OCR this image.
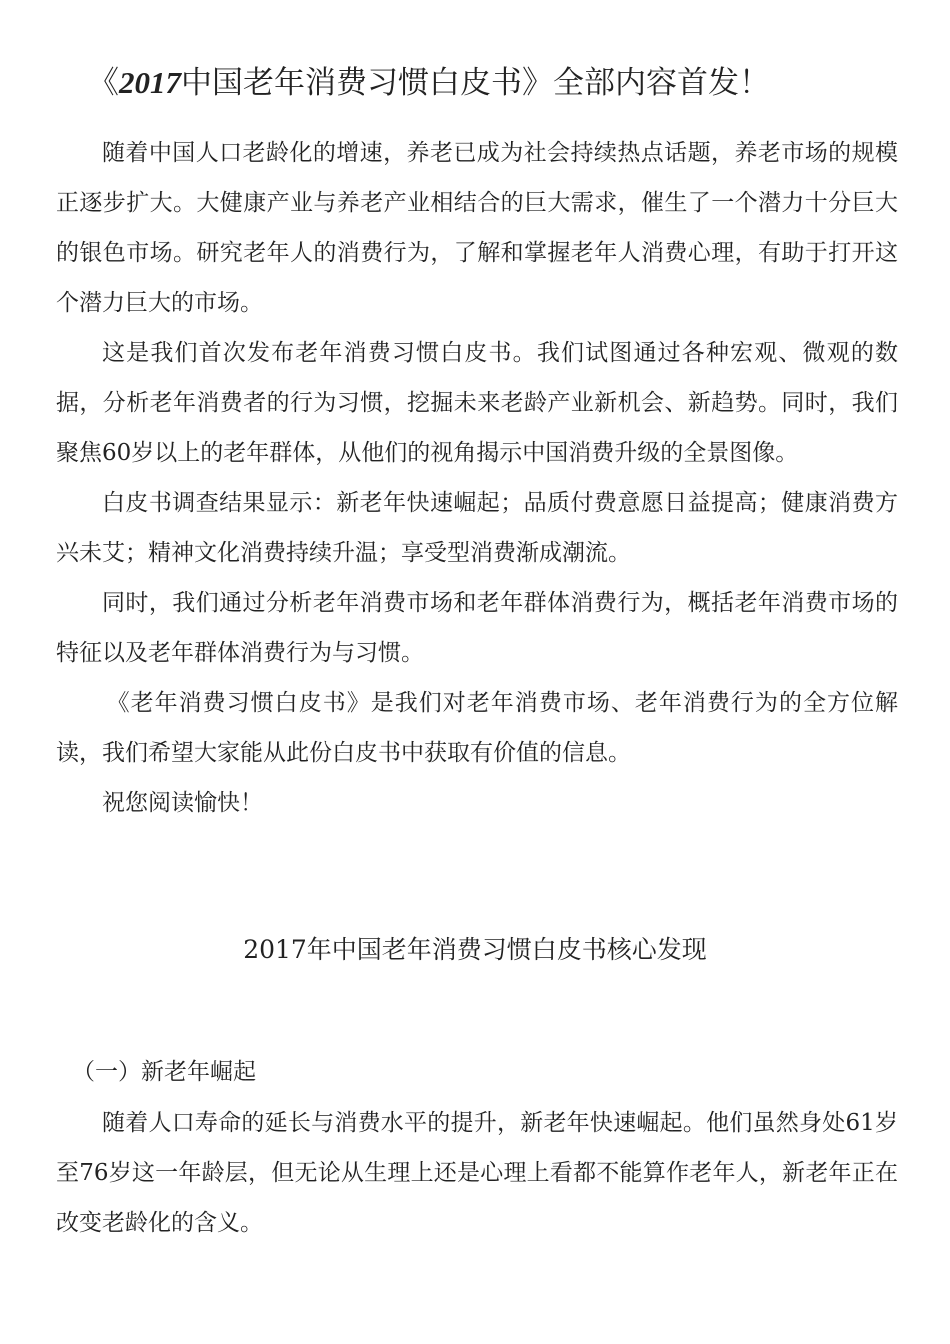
《2017中国老年消费习惯白皮书》全部内容首发！

随着中国人口老龄化的增速，养老已成为社会持续热点话题，养老市场的规模正逐步扩大。大健康产业与养老产业相结合的巨大需求，催生了一个潜力十分巨大的银色市场。研究老年人的消费行为，了解和掌握老年人消费心理，有助于打开这个潜力巨大的市场。

这是我们首次发布老年消费习惯白皮书。我们试图通过各种宏观、微观的数据，分析老年消费者的行为习惯，挖掘未来老龄产业新机会、新趋势。同时，我们聚焦60岁以上的老年群体，从他们的视角揭示中国消费升级的全景图像。

白皮书调查结果显示：新老年快速崛起；品质付费意愿日益提高；健康消费方兴未艾；精神文化消费持续升温；享受型消费渐成潮流。

同时，我们通过分析老年消费市场和老年群体消费行为，概括老年消费市场的特征以及老年群体消费行为与习惯。

《老年消费习惯白皮书》是我们对老年消费市场、老年消费行为的全方位解读，我们希望大家能从此份白皮书中获取有价值的信息。

祝您阅读愉快！

2017年中国老年消费习惯白皮书核心发现
（一）新老年崛起

随着人口寿命的延长与消费水平的提升，新老年快速崛起。他们虽然身处61岁至76岁这一年龄层，但无论从生理上还是心理上看都不能算作老年人，新老年正在改变老龄化的含义。
